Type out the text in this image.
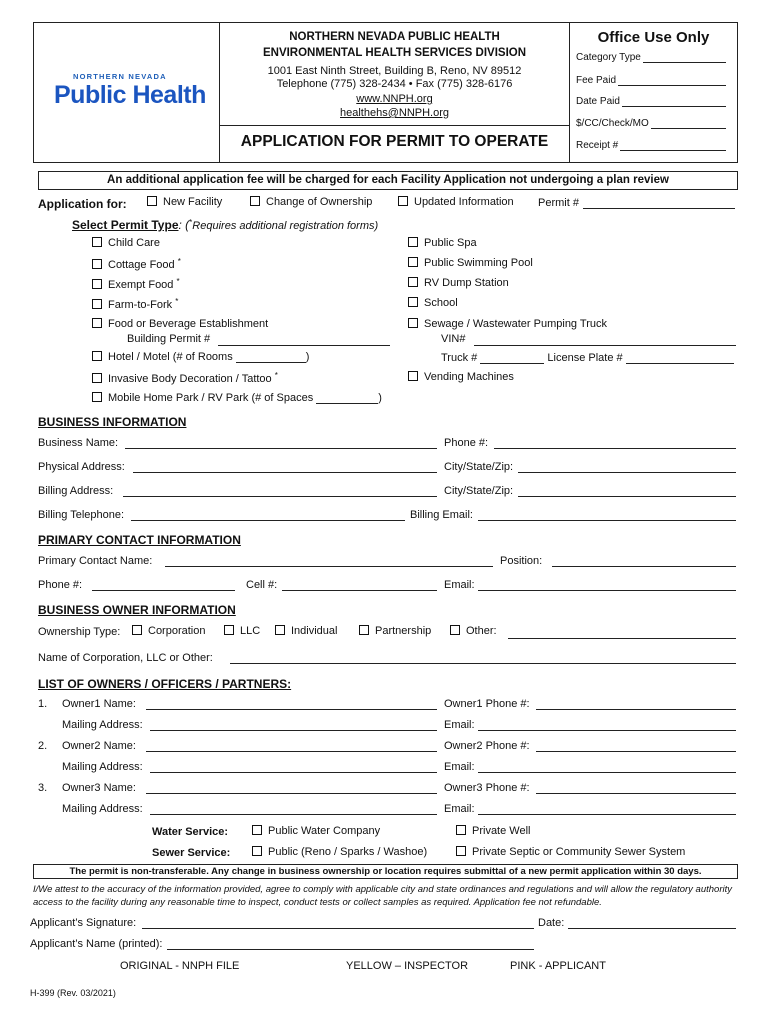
NORTHERN NEVADA
Public Health
NORTHERN NEVADA PUBLIC HEALTH
ENVIRONMENTAL HEALTH SERVICES DIVISION
1001 East Ninth Street, Building B, Reno, NV 89512
Telephone (775) 328-2434 • Fax (775) 328-6176
www.NNPH.org
healthehs@NNPH.org
APPLICATION FOR PERMIT TO OPERATE
Office Use Only
Category Type
Fee Paid
Date Paid
$/CC/Check/MO
Receipt #
An additional application fee will be charged for each Facility Application not undergoing a plan review
Application for:	New Facility	Change of Ownership	Updated Information Permit #
Select Permit Type: (*Requires additional registration forms)
Child Care
Cottage Food *
Exempt Food *
Farm-to-Fork *
Food or Beverage Establishment
Building Permit #
Hotel / Motel (# of Rooms	)
Invasive Body Decoration / Tattoo *
Mobile Home Park / RV Park (# of Spaces	)
Public Spa
Public Swimming Pool
RV Dump Station
School
Sewage / Wastewater Pumping Truck
VIN#
Truck #	License Plate #
Vending Machines
BUSINESS INFORMATION
Business Name:	Phone #:
Physical Address:	City/State/Zip:
Billing Address:	City/State/Zip:
Billing Telephone:	Billing Email:
PRIMARY CONTACT INFORMATION
Primary Contact Name:	Position:
Phone #:	Cell #:	Email:
BUSINESS OWNER INFORMATION
Ownership Type:	Corporation	LLC	Individual	Partnership	Other:
Name of Corporation, LLC or Other:
LIST OF OWNERS / OFFICERS / PARTNERS:
1. Owner1 Name:	Owner1 Phone #:
Mailing Address:	Email:
2. Owner2 Name:	Owner2 Phone #:
Mailing Address:	Email:
3. Owner3 Name:	Owner3 Phone #:
Mailing Address:	Email:
Water Service:	Public Water Company	Private Well
Sewer Service:	Public (Reno / Sparks / Washoe)	Private Septic or Community Sewer System
The permit is non-transferable. Any change in business ownership or location requires submittal of a new permit application within 30 days.
I/We attest to the accuracy of the information provided, agree to comply with applicable city and state ordinances and regulations and will allow the regulatory authority access to the facility during any reasonable time to inspect, conduct tests or collect samples as required. Application fee not refundable.
Applicant’s Signature:	Date:
Applicant’s Name (printed):
ORIGINAL - NNPH FILE	YELLOW – INSPECTOR	PINK - APPLICANT
H-399 (Rev. 03/2021)
